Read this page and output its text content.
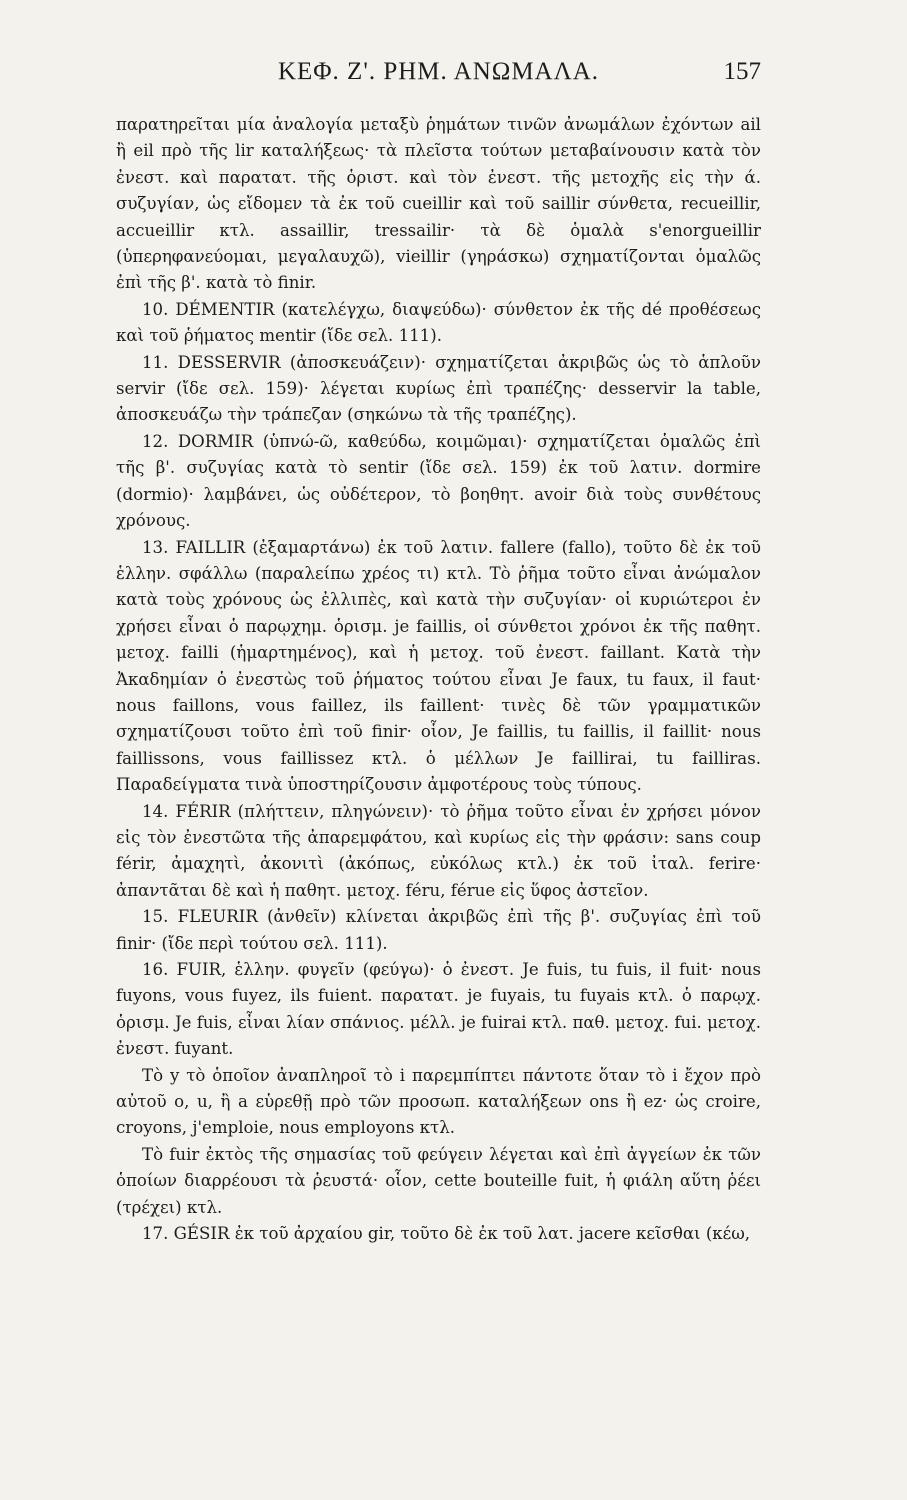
ΚΕΦ. Ζ'. ΡΗΜ. ΑΝΩΜΑΛΑ.	157

παρατηρεῖται μία ἀναλογία μεταξὺ ῥημάτων τινῶν ἀνωμάλων ἐχόντων ail ἢ eil πρὸ τῆς lir καταλήξεως· τὰ πλεῖστα τούτων μεταβαίνουσιν κατὰ τὸν ἐνεστ. καὶ παρατατ. τῆς ὁριστ. καὶ τὸν ἐνεστ. τῆς μετοχῆς εἰς τὴν ά. συζυγίαν, ὡς εἴδομεν τὰ ἐκ τοῦ cueillir καὶ τοῦ saillir σύνθετα, recueillir, accueillir κτλ. assaillir, tressailir· τὰ δὲ ὁμαλὰ s'enorgueillir (ὑπερηφανεύομαι, μεγαλαυχῶ), vieillir (γηράσκω) σχηματίζονται ὁμαλῶς ἐπὶ τῆς β'. κατὰ τὸ finir.

10. DÉMENTIR (κατελέγχω, διαψεύδω)· σύνθετον ἐκ τῆς dé προθέσεως καὶ τοῦ ῥήματος mentir (ἴδε σελ. 111).

11. DESSERVIR (ἀποσκευάζειν)· σχηματίζεται ἀκριβῶς ὡς τὸ ἁπλοῦν servir (ἴδε σελ. 159)· λέγεται κυρίως ἐπὶ τραπέζης· desservir la table, ἀποσκευάζω τὴν τράπεζαν (σηκώνω τὰ τῆς τραπέζης).

12. DORMIR (ὑπνώ-ῶ, καθεύδω, κοιμῶμαι)· σχηματίζεται ὁμαλῶς ἐπὶ τῆς β'. συζυγίας κατὰ τὸ sentir (ἴδε σελ. 159) ἐκ τοῦ λατιν. dormire (dormio)· λαμβάνει, ὡς οὐδέτερον, τὸ βοηθητ. avoir διὰ τοὺς συνθέτους χρόνους.

13. FAILLIR (ἐξαμαρτάνω) ἐκ τοῦ λατιν. fallere (fallo), τοῦτο δὲ ἐκ τοῦ ἑλλην. σφάλλω (παραλείπω χρέος τι) κτλ. Τὸ ῥῆμα τοῦτο εἶναι ἀνώμαλον κατὰ τοὺς χρόνους ὡς ἐλλιπὲς, καὶ κατὰ τὴν συζυγίαν· οἱ κυριώτεροι ἐν χρήσει εἶναι ὁ παρῳχημ. ὁρισμ. je faillis, οἱ σύνθετοι χρόνοι ἐκ τῆς παθητ. μετοχ. failli (ἡμαρτημένος), καὶ ἡ μετοχ. τοῦ ἐνεστ. faillant. Κατὰ τὴν Ἀκαδημίαν ὁ ἐνεστὼς τοῦ ῥήματος τούτου εἶναι Je faux, tu faux, il faut· nous faillons, vous faillez, ils faillent· τινὲς δὲ τῶν γραμματικῶν σχηματίζουσι τοῦτο ἐπὶ τοῦ finir· οἷον, Je faillis, tu faillis, il faillit· nous faillissons, vous faillissez κτλ. ὁ μέλλων Je faillirai, tu failliras. Παραδείγματα τινὰ ὑποστηρίζουσιν ἀμφοτέρους τοὺς τύπους.

14. FÉRIR (πλήττειν, πληγώνειν)· τὸ ῥῆμα τοῦτο εἶναι ἐν χρήσει μόνον εἰς τὸν ἐνεστῶτα τῆς ἀπαρεμφάτου, καὶ κυρίως εἰς τὴν φράσιν: sans coup férir, ἀμαχητὶ, ἀκονιτὶ (ἀκόπως, εὐκόλως κτλ.) ἐκ τοῦ ἰταλ. ferire· ἀπαντᾶται δὲ καὶ ἡ παθητ. μετοχ. féru, férue εἰς ὕφος ἀστεῖον.

15. FLEURIR (ἀνθεῖν) κλίνεται ἀκριβῶς ἐπὶ τῆς β'. συζυγίας ἐπὶ τοῦ finir· (ἴδε περὶ τούτου σελ. 111).

16. FUIR, ἑλλην. φυγεῖν (φεύγω)· ὁ ἐνεστ. Je fuis, tu fuis, il fuit· nous fuyons, vous fuyez, ils fuient. παρατατ. je fuyais, tu fuyais κτλ. ὁ παρῳχ. ὁρισμ. Je fuis, εἶναι λίαν σπάνιος. μέλλ. je fuirai κτλ. παθ. μετοχ. fui. μετοχ. ἐνεστ. fuyant.

Τὸ y τὸ ὁποῖον ἀναπληροῖ τὸ i παρεμπίπτει πάντοτε ὅταν τὸ i ἔχον πρὸ αὐτοῦ o, u, ἢ a εὑρεθῇ πρὸ τῶν προσωπ. καταλήξεων ons ἢ ez· ὡς croire, croyons, j'emploie, nous employons κτλ.

Τὸ fuir ἐκτὸς τῆς σημασίας τοῦ φεύγειν λέγεται καὶ ἐπὶ ἀγγείων ἐκ τῶν ὁποίων διαρρέουσι τὰ ῥευστά· οἷον, cette bouteille fuit, ἡ φιάλη αὕτη ῥέει (τρέχει) κτλ.

17. GÉSIR ἐκ τοῦ ἀρχαίου gir, τοῦτο δὲ ἐκ τοῦ λατ. jacere κεῖσθαι (κέω,
